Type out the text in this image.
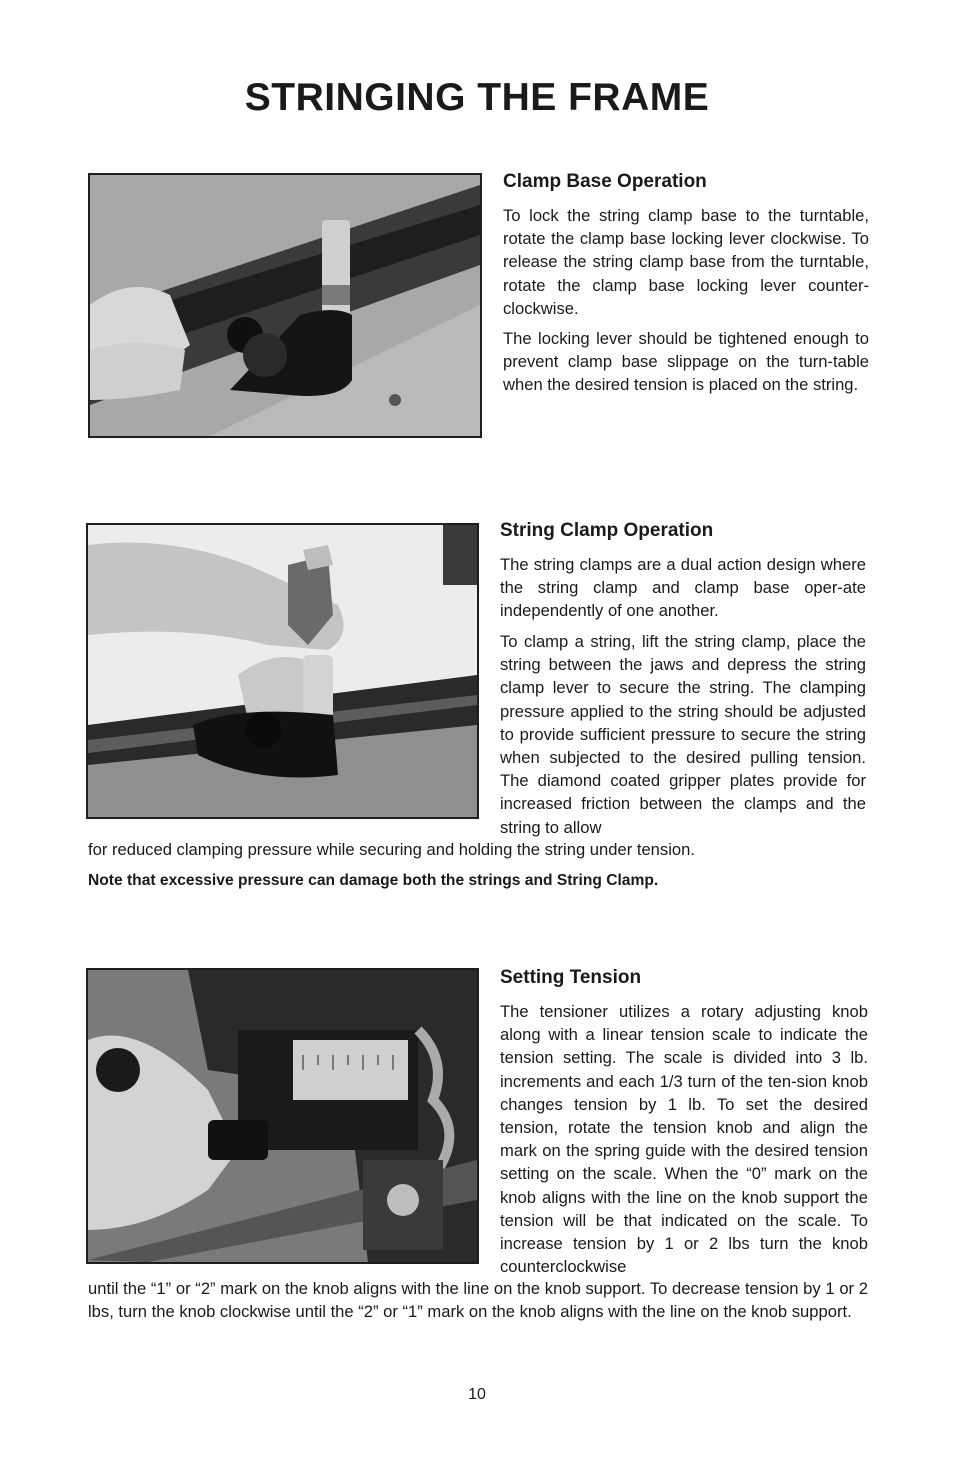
STRINGING THE FRAME
Clamp Base Operation

To lock the string clamp base to the turntable, rotate the clamp base locking lever clockwise. To release the string clamp base from the turntable, rotate the clamp base locking lever counter-clockwise.

The locking lever should be tightened enough to prevent clamp base slippage on the turn-table when the desired tension is placed on the string.

String Clamp Operation

The string clamps are a dual action design where the string clamp and clamp base oper-ate independently of one another.

To clamp a string, lift the string clamp, place the string between the jaws and depress the string clamp lever to secure the string. The clamping pressure applied to the string should be adjusted to provide sufficient pressure to secure the string when subjected to the desired pulling tension. The diamond coated gripper plates provide for increased friction between the clamps and the string to allow

for reduced clamping pressure while securing and holding the string under tension.

Note that excessive pressure can damage both the strings and String Clamp.
Setting Tension

The tensioner utilizes a rotary adjusting knob along with a linear tension scale to indicate the tension setting. The scale is divided into 3 lb. increments and each 1/3 turn of the ten-sion knob changes tension by 1 lb. To set the desired tension, rotate the tension knob and align the mark on the spring guide with the desired tension setting on the scale. When the “0” mark on the knob aligns with the line on the knob support the tension will be that indicated on the scale. To increase tension by 1 or 2 lbs turn the knob counterclockwise

until the “1” or “2” mark on the knob aligns with the line on the knob support. To decrease tension by 1 or 2 lbs, turn the knob clockwise until the “2” or “1” mark on the knob aligns with the line on the knob support.

10
